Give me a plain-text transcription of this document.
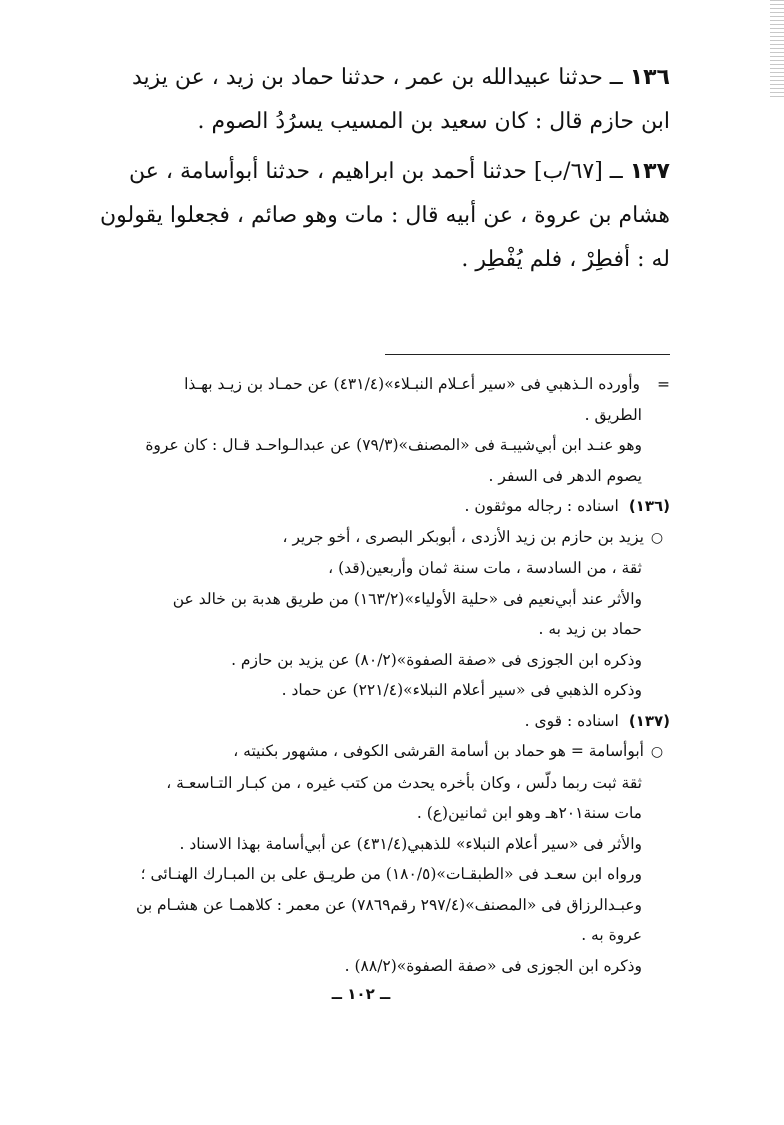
١٣٦ ــ حدثنا عبيدالله بن عمر ، حدثنا حماد بن زيد ، عن يزيد
ابن حازم قال : كان سعيد بن المسيب يسرُدُ الصوم .

١٣٧ ــ [٦٧/ب] حدثنا أحمد بن ابراهيم ، حدثنا أبوأسامة ، عن
هشام بن عروة ، عن أبيه قال : مات وهو صائم ، فجعلوا يقولون
له : أفطِرْ ، فلم يُفْطِر .

=وأورده الـذهبي فى «سير أعـلام النبـلاء»(٤٣١/٤) عن حمـاد بن زيـد بهـذا
الطريق .
وهو عنـد ابن أبي‌شيبـة فى «المصنف»(٧٩/٣) عن عبدالـواحـد قـال : كان عروة
يصوم الدهر فى السفر .
(١٣٦)اسناده : رجاله موثقون .
○يزيد بن حازم بن زيد الأزدى ، أبوبكر البصرى ، أخو جرير ،
ثقة ، من السادسة ، مات سنة ثمان وأربعين(قد) ،
والأثر عند أبي‌نعيم فى «حلية الأولياء»(١٦٣/٢) من طريق هدبة بن خالد عن
حماد بن زيد به .
وذكره ابن الجوزى فى «صفة الصفوة»(٨٠/٢) عن يزيد بن حازم .
وذكره الذهبي فى «سير أعلام النبلاء»(٢٢١/٤) عن حماد .
(١٣٧)اسناده : قوى .
○أبوأسامة = هو حماد بن أسامة القرشى الكوفى ، مشهور بكنيته ،
ثقة ثبت ربما دلّس ، وكان بأخره يحدث من كتب غيره ، من كبـار التـاسعـة ،
مات سنة٢٠١هـ وهو ابن ثمانين(ع) .
والأثر فى «سير أعلام النبلاء» للذهبي(٤٣١/٤) عن أبي‌أسامة بهذا الاسناد .
ورواه ابن سعـد فى «الطبقـات»(١٨٠/٥) من طريـق على بن المبـارك الهنـائى ؛
وعبـدالرزاق فى «المصنف»(٢٩٧/٤ رقم٧٨٦٩) عن معمر : كلاهمـا عن هشـام بن
عروة به .
وذكره ابن الجوزى فى «صفة الصفوة»(٨٨/٢) .
ــ ١٠٢ ــ
